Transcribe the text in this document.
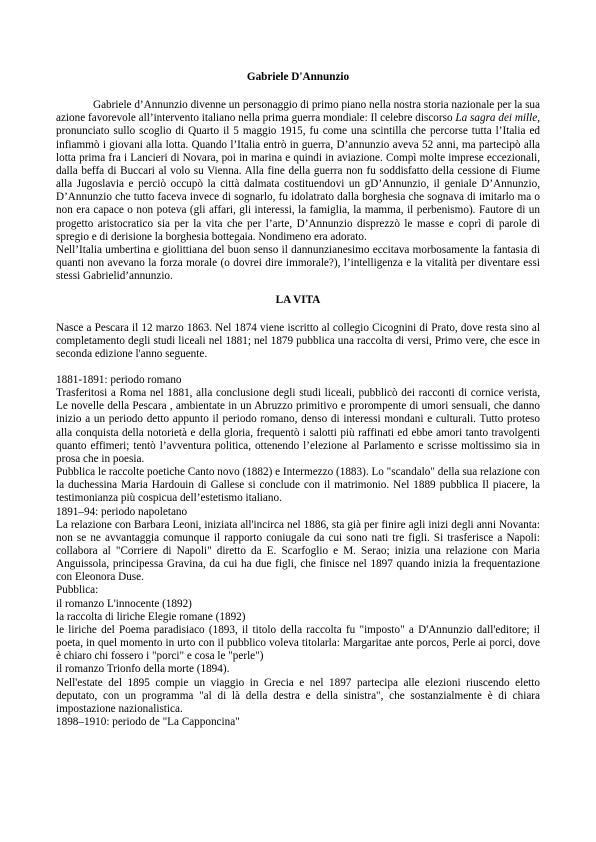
Gabriele D'Annunzio

Gabriele d’Annunzio divenne un personaggio di primo piano nella nostra storia nazionale per la sua azione favorevole all’intervento italiano nella prima guerra mondiale: Il celebre discorso La sagra dei mille, pronunciato sullo scoglio di Quarto il 5 maggio 1915, fu come una scintilla che percorse tutta l’Italia ed infiammò i giovani alla lotta. Quando l’Italia entrò in guerra, D’annunzio aveva 52 anni, ma partecipò alla lotta prima fra i Lancieri di Novara, poi in marina e quindi in aviazione. Compì molte imprese eccezionali, dalla beffa di Buccari al volo su Vienna. Alla fine della guerra non fu soddisfatto della cessione di Fiume alla Jugoslavia e perciò occupò la città dalmata costituendovi un gD’Annunzio, il geniale D’Annunzio, D’Annunzio che tutto faceva invece di sognarlo, fu idolatrato dalla borghesia che sognava di imitarlo ma o non era capace o non poteva (gli affari, gli interessi, la famiglia, la mamma, il perbenismo). Fautore di un progetto aristocratico sia per la vita che per l’arte, D’Annunzio disprezzò le masse e coprì di parole di spregio e di derisione la borghesia bottegaia. Nondimeno era adorato.

Nell’Italia umbertina e giolittiana del buon senso il dannunzianesimo eccitava morbosamente la fantasia di quanti non avevano la forza morale (o dovrei dire immorale?), l’intelligenza e la vitalità per diventare essi stessi Gabrielid’annunzio.

LA VITA

Nasce a Pescara il 12 marzo 1863. Nel 1874 viene iscritto al collegio Cicognini di Prato, dove resta sino al completamento degli studi liceali nel 1881; nel 1879 pubblica una raccolta di versi, Primo vere, che esce in seconda edizione l'anno seguente.

1881-1891: periodo romano

Trasferitosi a Roma nel 1881, alla conclusione degli studi liceali, pubblicò dei racconti di cornice verista, Le novelle della Pescara , ambientate in un Abruzzo primitivo e prorompente di umori sensuali, che danno inizio a un periodo detto appunto il periodo romano, denso di interessi mondani e culturali. Tutto proteso alla conquista della notorietà e della gloria, frequentò i salotti più raffinati ed ebbe amori tanto travolgenti quanto effimeri; tentò l’avventura politica, ottenendo l’elezione al Parlamento e scrisse moltissimo sia in prosa che in poesia.

Pubblica le raccolte poetiche Canto novo (1882) e Intermezzo (1883). Lo "scandalo" della sua relazione con la duchessina Maria Hardouin di Gallese si conclude con il matrimonio. Nel 1889 pubblica Il piacere, la testimonianza più cospicua dell’estetismo italiano.

1891–94: periodo napoletano

La relazione con Barbara Leoni, iniziata all'incirca nel 1886, sta già per finire agli inizi degli anni Novanta: non se ne avvantaggia comunque il rapporto coniugale da cui sono nati tre figli. Si trasferisce a Napoli: collabora al "Corriere di Napoli" diretto da E. Scarfoglio e M. Serao; inizia una relazione con Maria Anguissola, principessa Gravina, da cui ha due figli, che finisce nel 1897 quando inizia la frequentazione con Eleonora Duse.

Pubblica:

il romanzo L'innocente (1892)

la raccolta di liriche Elegie romane (1892)

le liriche del Poema paradisiaco (1893, il titolo della raccolta fu "imposto" a D'Annunzio dall'editore; il poeta, in quel momento in urto con il pubblico voleva titolarla: Margaritae ante porcos, Perle ai porci, dove è chiaro chi fossero i "porci" e cosa le "perle")

il romanzo Trionfo della morte (1894).

Nell'estate del 1895 compie un viaggio in Grecia e nel 1897 partecipa alle elezioni riuscendo eletto deputato, con un programma "al di là della destra e della sinistra", che sostanzialmente è di chiara impostazione nazionalistica.

1898–1910: periodo de "La Capponcina"
